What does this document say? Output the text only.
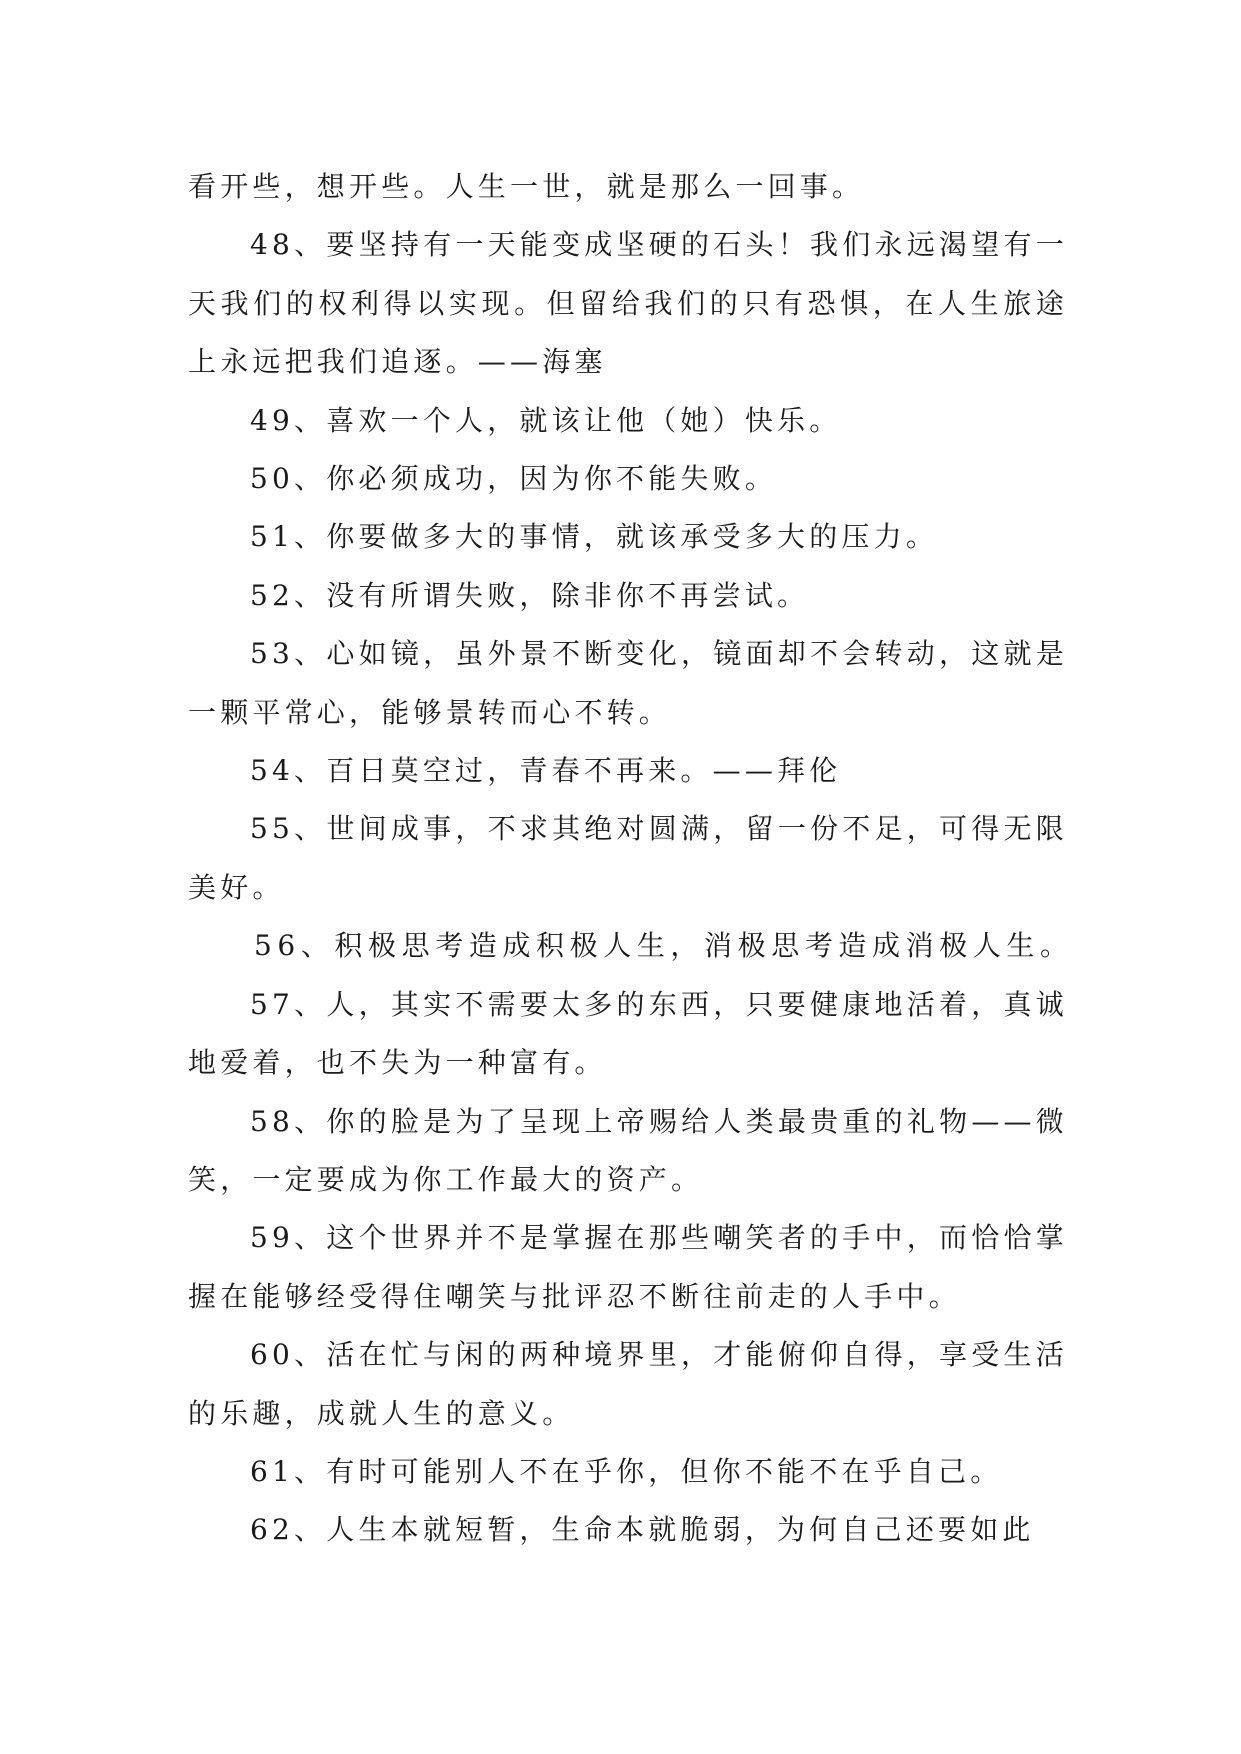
看开些，想开些。人生一世，就是那么一回事。

48、要坚持有一天能变成坚硬的石头！我们永远渴望有一天我们的权利得以实现。但留给我们的只有恐惧，在人生旅途上永远把我们追逐。——海塞

49、喜欢一个人，就该让他（她）快乐。

50、你必须成功，因为你不能失败。

51、你要做多大的事情，就该承受多大的压力。

52、没有所谓失败，除非你不再尝试。

53、心如镜，虽外景不断变化，镜面却不会转动，这就是一颗平常心，能够景转而心不转。

54、百日莫空过，青春不再来。——拜伦

55、世间成事，不求其绝对圆满，留一份不足，可得无限美好。

56、积极思考造成积极人生，消极思考造成消极人生。

57、人，其实不需要太多的东西，只要健康地活着，真诚地爱着，也不失为一种富有。

58、你的脸是为了呈现上帝赐给人类最贵重的礼物——微笑，一定要成为你工作最大的资产。

59、这个世界并不是掌握在那些嘲笑者的手中，而恰恰掌握在能够经受得住嘲笑与批评忍不断往前走的人手中。

60、活在忙与闲的两种境界里，才能俯仰自得，享受生活的乐趣，成就人生的意义。

61、有时可能别人不在乎你，但你不能不在乎自己。

62、人生本就短暂，生命本就脆弱，为何自己还要如此
